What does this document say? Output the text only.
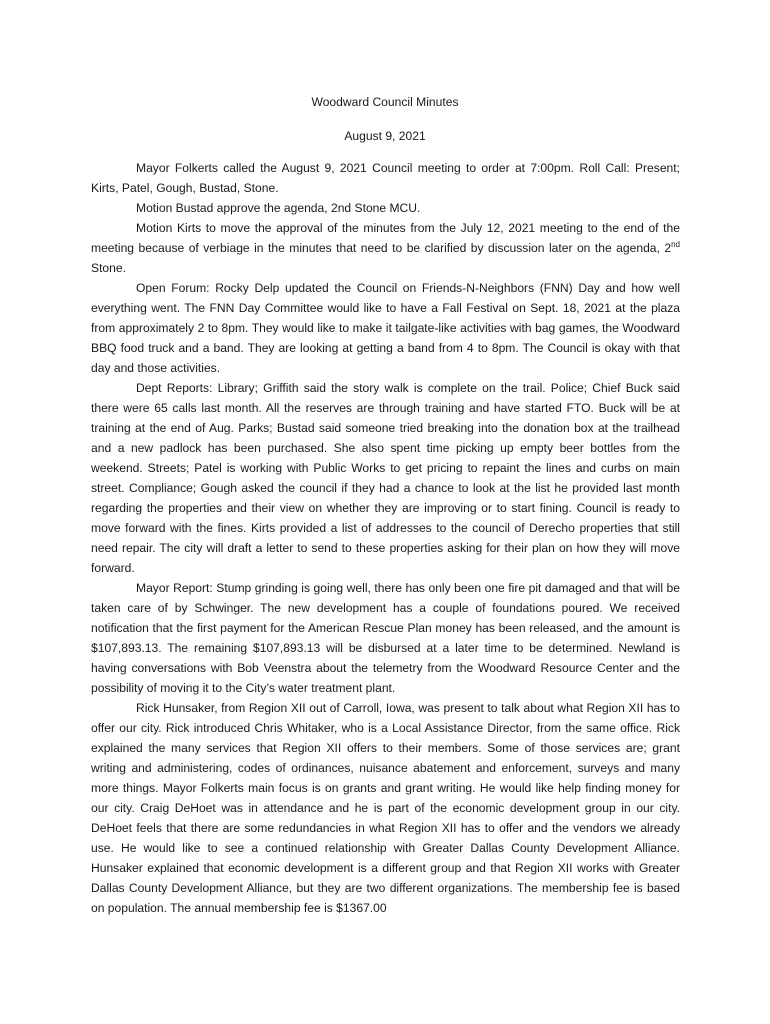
Woodward Council Minutes

August 9, 2021

Mayor Folkerts called the August 9, 2021 Council meeting to order at 7:00pm. Roll Call: Present; Kirts, Patel, Gough, Bustad, Stone.

Motion Bustad approve the agenda, 2nd Stone MCU.

Motion Kirts to move the approval of the minutes from the July 12, 2021 meeting to the end of the meeting because of verbiage in the minutes that need to be clarified by discussion later on the agenda, 2nd Stone.

Open Forum: Rocky Delp updated the Council on Friends-N-Neighbors (FNN) Day and how well everything went. The FNN Day Committee would like to have a Fall Festival on Sept. 18, 2021 at the plaza from approximately 2 to 8pm. They would like to make it tailgate-like activities with bag games, the Woodward BBQ food truck and a band. They are looking at getting a band from 4 to 8pm. The Council is okay with that day and those activities.

Dept Reports: Library; Griffith said the story walk is complete on the trail. Police; Chief Buck said there were 65 calls last month. All the reserves are through training and have started FTO. Buck will be at training at the end of Aug. Parks; Bustad said someone tried breaking into the donation box at the trailhead and a new padlock has been purchased. She also spent time picking up empty beer bottles from the weekend. Streets; Patel is working with Public Works to get pricing to repaint the lines and curbs on main street. Compliance; Gough asked the council if they had a chance to look at the list he provided last month regarding the properties and their view on whether they are improving or to start fining. Council is ready to move forward with the fines. Kirts provided a list of addresses to the council of Derecho properties that still need repair. The city will draft a letter to send to these properties asking for their plan on how they will move forward.

Mayor Report: Stump grinding is going well, there has only been one fire pit damaged and that will be taken care of by Schwinger. The new development has a couple of foundations poured. We received notification that the first payment for the American Rescue Plan money has been released, and the amount is $107,893.13. The remaining $107,893.13 will be disbursed at a later time to be determined. Newland is having conversations with Bob Veenstra about the telemetry from the Woodward Resource Center and the possibility of moving it to the City’s water treatment plant.

Rick Hunsaker, from Region XII out of Carroll, Iowa, was present to talk about what Region XII has to offer our city. Rick introduced Chris Whitaker, who is a Local Assistance Director, from the same office. Rick explained the many services that Region XII offers to their members. Some of those services are; grant writing and administering, codes of ordinances, nuisance abatement and enforcement, surveys and many more things. Mayor Folkerts main focus is on grants and grant writing. He would like help finding money for our city. Craig DeHoet was in attendance and he is part of the economic development group in our city. DeHoet feels that there are some redundancies in what Region XII has to offer and the vendors we already use. He would like to see a continued relationship with Greater Dallas County Development Alliance. Hunsaker explained that economic development is a different group and that Region XII works with Greater Dallas County Development Alliance, but they are two different organizations. The membership fee is based on population. The annual membership fee is $1367.00
